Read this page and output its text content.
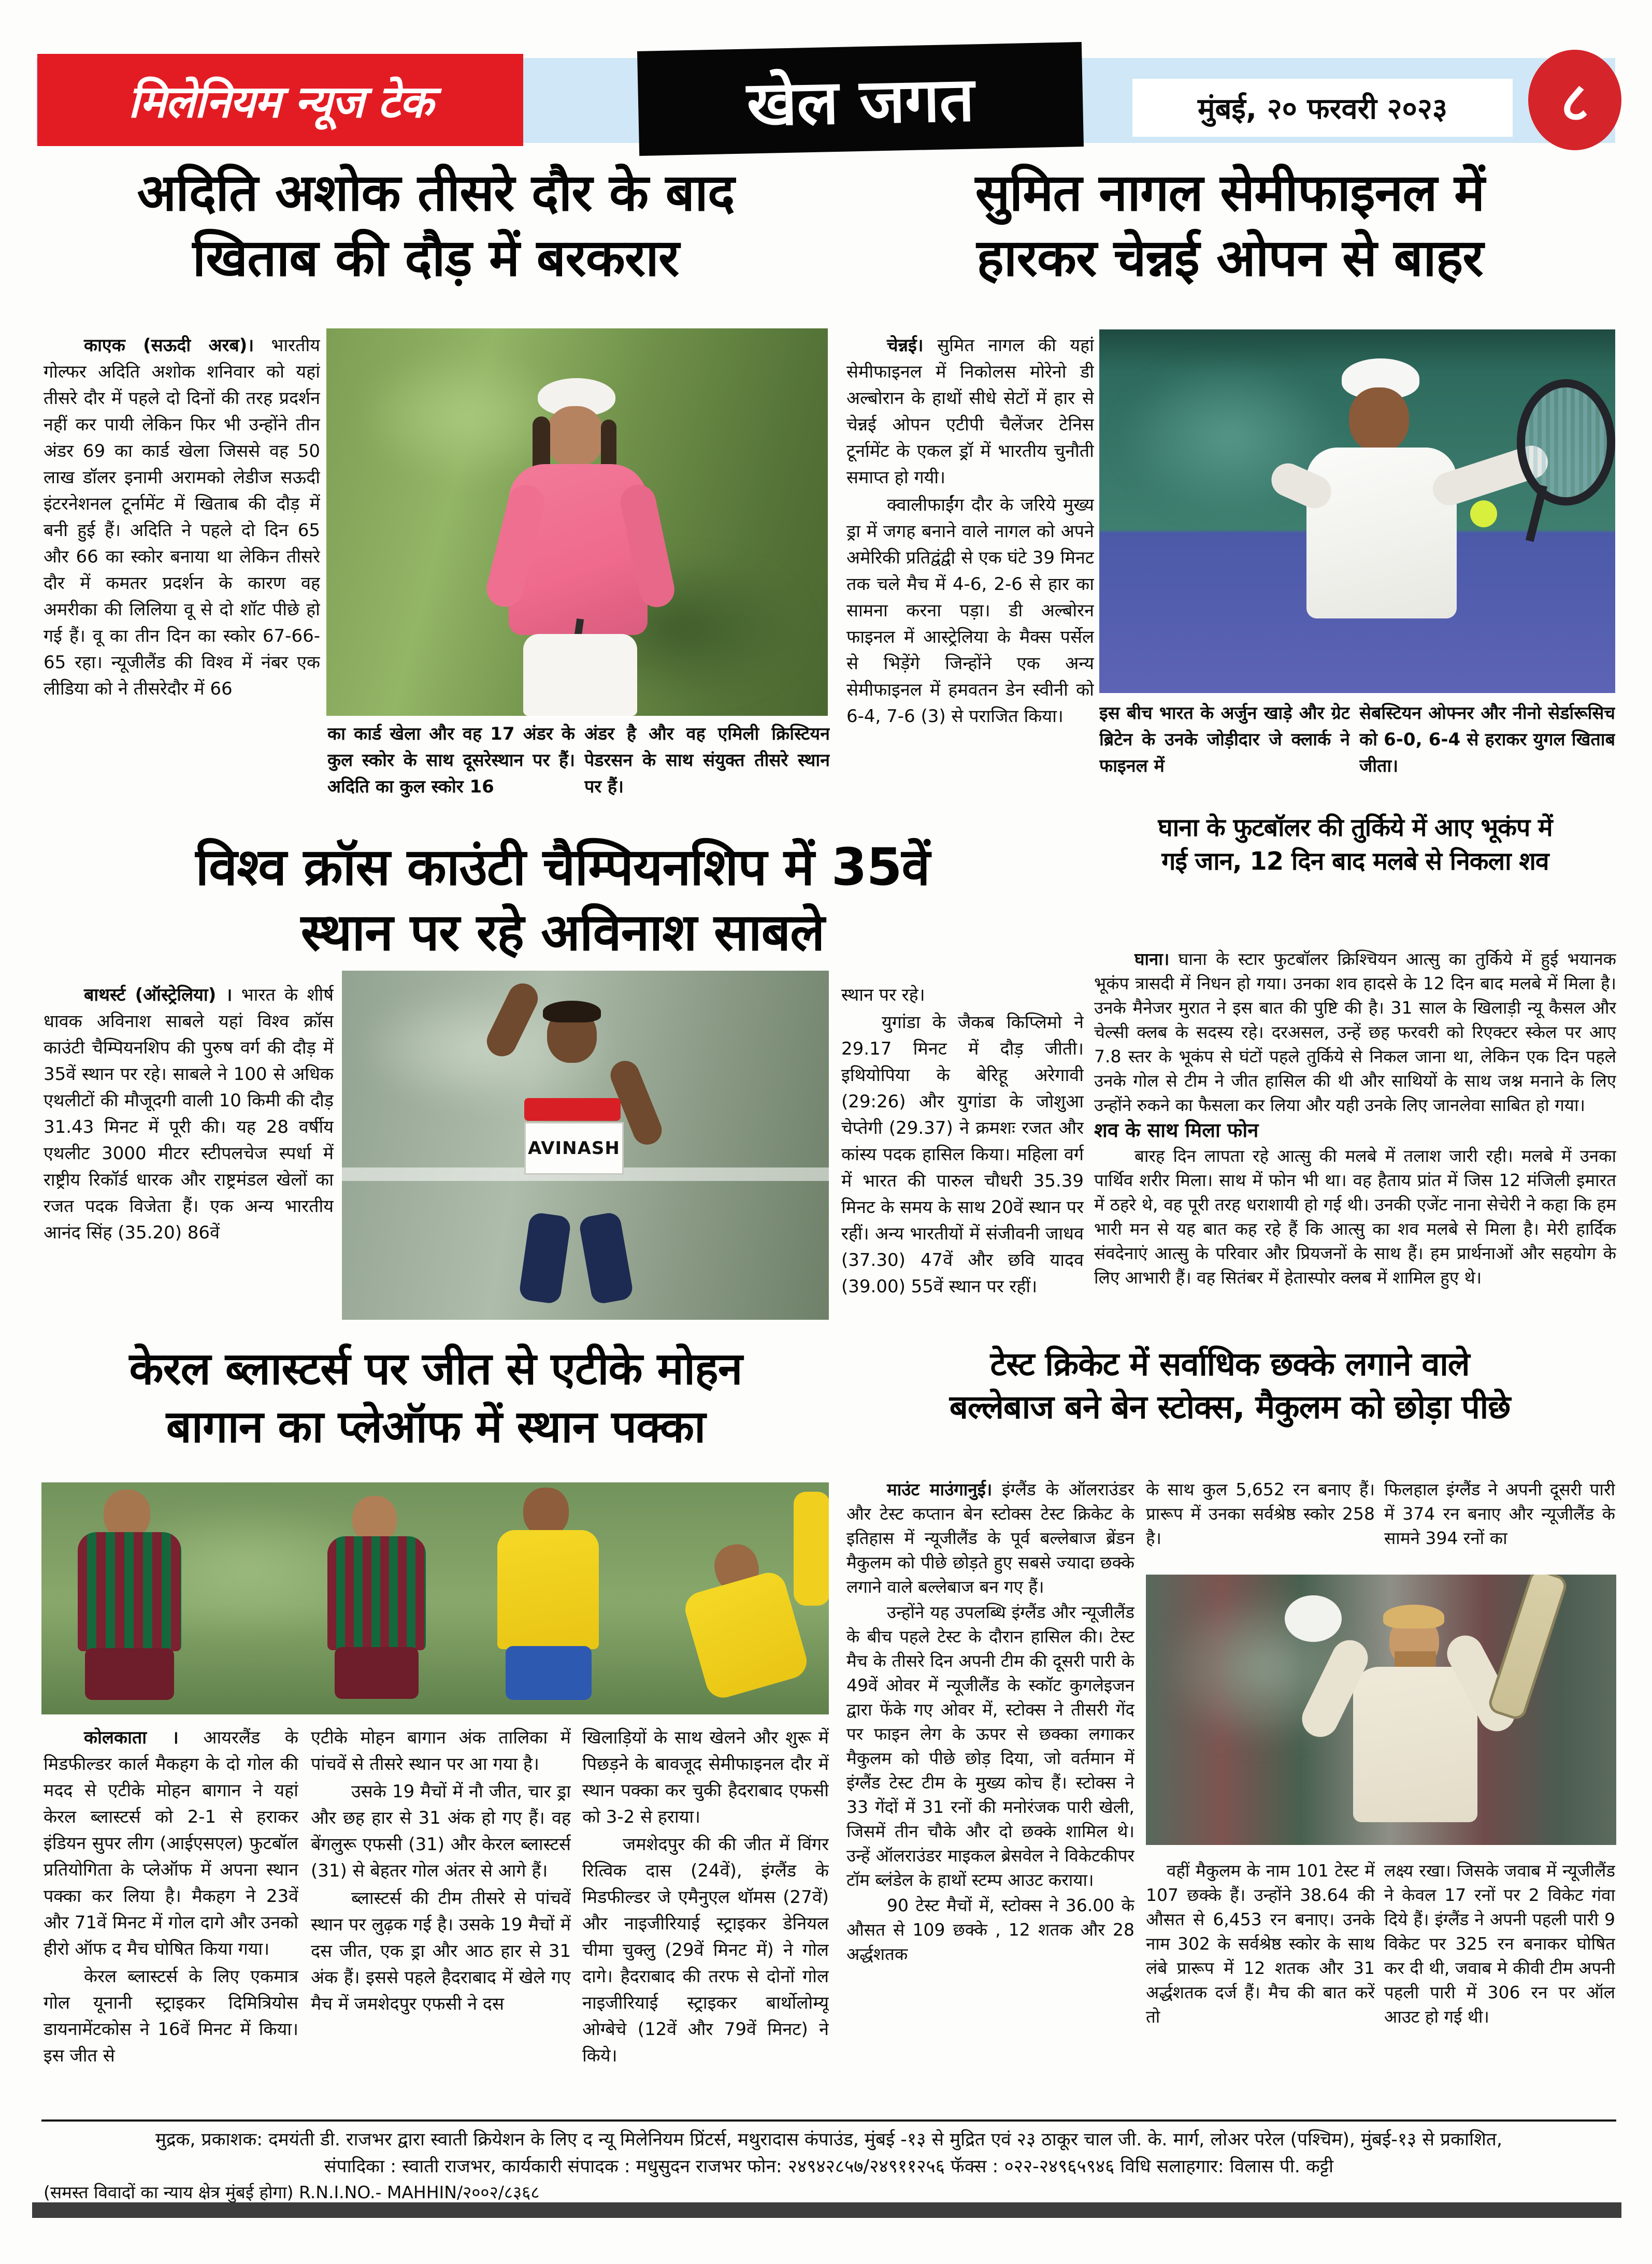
मिलेनियम न्यूज टेक	खेल जगत	मुंबई, २० फरवरी २०२३ ८
अदिति अशोक तीसरे दौर के बाद
खिताब की दौड़ में बरकरार

काएक (सऊदी अरब)। भारतीय गोल्फर अदिति अशोक शनिवार को यहां तीसरे दौर में पहले दो दिनों की तरह प्रदर्शन नहीं कर पायी लेकिन फिर भी उन्होंने तीन अंडर 69 का कार्ड खेला जिससे वह 50 लाख डॉलर इनामी अरामको लेडीज सऊदी इंटरनेशनल टूर्नामेंट में खिताब की दौड़ में बनी हुई हैं। अदिति ने पहले दो दिन 65 और 66 का स्कोर बनाया था लेकिन तीसरे दौर में कमतर प्रदर्शन के कारण वह अमरीका की लिलिया वू से दो शॉट पीछे हो गई हैं। वू का तीन दिन का स्कोर 67-66-65 रहा। न्यूजीलैंड की विश्व में नंबर एक लीडिया को ने तीसरेदौर में 66

का कार्ड खेला और वह 17 अंडर के कुल स्कोर के साथ दूसरेस्थान पर हैं। अदिति का कुल स्कोर 16

अंडर है और वह एमिली क्रिस्टियन पेडरसन के साथ संयुक्त तीसरे स्थान पर हैं।

सुमित नागल सेमीफाइनल में
हारकर चेन्नई ओपन से बाहर

चेन्नई। सुमित नागल की यहां सेमीफाइनल में निकोलस मोरेनो डी अल्बोरान के हाथों सीधे सेटों में हार से चेन्नई ओपन एटीपी चैलेंजर टेनिस टूर्नामेंट के एकल ड्रॉ में भारतीय चुनौती समाप्त हो गयी।

क्वालीफाईंग दौर के जरिये मुख्य ड्रा में जगह बनाने वाले नागल को अपने अमेरिकी प्रतिद्वंद्वी से एक घंटे 39 मिनट तक चले मैच में 4-6, 2-6 से हार का सामना करना पड़ा। डी अल्बोरन फाइनल में आस्ट्रेलिया के मैक्स पर्सेल से भिड़ेंगे जिन्होंने एक अन्य सेमीफाइनल में हमवतन डेन स्वीनी को 6-4, 7-6 (3) से पराजित किया।	इस बीच भारत के अर्जुन खाड़े और ग्रेट ब्रिटेन के उनके जोड़ीदार जे क्लार्क ने फाइनल में

सेबस्टियन ओफ्नर और नीनो सेर्डारूसिच को 6-0, 6-4 से हराकर युगल खिताब जीता।

विश्व क्रॉस काउंटी चैम्पियनशिप में 35वें
स्थान पर रहे अविनाश साबले

बाथर्स्ट (ऑस्ट्रेलिया) । भारत के शीर्ष धावक अविनाश साबले यहां विश्व क्रॉस काउंटी चैम्पियनशिप की पुरुष वर्ग की दौड़ में 35वें स्थान पर रहे। साबले ने 100 से अधिक एथलीटों की मौजूदगी वाली 10 किमी की दौड़ 31.43 मिनट में पूरी की। यह 28 वर्षीय एथलीट 3000 मीटर स्टीपलचेज स्पर्धा में राष्ट्रीय रिकॉर्ड धारक और राष्ट्रमंडल खेलों का रजत पदक विजेता हैं। एक अन्य भारतीय आनंद सिंह (35.20) 86वें

AVINASH

स्थान पर रहे।

युगांडा के जैकब किप्लिमो ने 29.17 मिनट में दौड़ जीती। इथियोपिया के बेरिहू अरेगावी (29:26) और युगांडा के जोशुआ चेप्तेगी (29.37) ने क्रमशः रजत और कांस्य पदक हासिल किया। महिला वर्ग में भारत की पारुल चौधरी 35.39 मिनट के समय के साथ 20वें स्थान पर रहीं। अन्य भारतीयों में संजीवनी जाधव (37.30) 47वें और छवि यादव (39.00) 55वें स्थान पर रहीं।

घाना के फुटबॉलर की तुर्किये में आए भूकंप में
गई जान, 12 दिन बाद मलबे से निकला शव

घाना। घाना के स्टार फुटबॉलर क्रिश्चियन आत्सु का तुर्किये में हुई भयानक भूकंप त्रासदी में निधन हो गया। उनका शव हादसे के 12 दिन बाद मलबे में मिला है। उनके मैनेजर मुरात ने इस बात की पुष्टि की है। 31 साल के खिलाड़ी न्यू कैसल और चेल्सी क्लब के सदस्य रहे। दरअसल, उन्हें छह फरवरी को रिएक्टर स्केल पर आए 7.8 स्तर के भूकंप से घंटों पहले तुर्किये से निकल जाना था, लेकिन एक दिन पहले उनके गोल से टीम ने जीत हासिल की थी और साथियों के साथ जश्न मनाने के लिए उन्होंने रुकने का फैसला कर लिया और यही उनके लिए जानलेवा साबित हो गया।

शव के साथ मिला फोन

बारह दिन लापता रहे आत्सु की मलबे में तलाश जारी रही। मलबे में उनका पार्थिव शरीर मिला। साथ में फोन भी था। वह हैताय प्रांत में जिस 12 मंजिली इमारत में ठहरे थे, वह पूरी तरह धराशायी हो गई थी। उनकी एजेंट नाना सेचेरी ने कहा कि हम भारी मन से यह बात कह रहे हैं कि आत्सु का शव मलबे से मिला है। मेरी हार्दिक संवदेनाएं आत्सु के परिवार और प्रियजनों के साथ हैं। हम प्रार्थनाओं और सहयोग के लिए आभारी हैं। वह सितंबर में हेतास्पोर क्लब में शामिल हुए थे।

केरल ब्लास्टर्स पर जीत से एटीके मोहन
बागान का प्लेऑफ में स्थान पक्का

कोलकाता । आयरलैंड के मिडफील्डर कार्ल मैकहग के दो गोल की मदद से एटीके मोहन बागान ने यहां केरल ब्लास्टर्स को 2-1 से हराकर इंडियन सुपर लीग (आईएसएल) फुटबॉल प्रतियोगिता के प्लेऑफ में अपना स्थान पक्का कर लिया है। मैकहग ने 23वें और 71वें मिनट में गोल दागे और उनको हीरो ऑफ द मैच घोषित किया गया।

केरल ब्लास्टर्स के लिए एकमात्र गोल यूनानी स्ट्राइकर दिमित्रियोस डायनामेंटकोस ने 16वें मिनट में किया। इस जीत से

एटीके मोहन बागान अंक तालिका में पांचवें से तीसरे स्थान पर आ गया है।

उसके 19 मैचों में नौ जीत, चार ड्रा और छह हार से 31 अंक हो गए हैं। वह बेंगलुरू एफसी (31) और केरल ब्लास्टर्स (31) से बेहतर गोल अंतर से आगे हैं।

ब्लास्टर्स की टीम तीसरे से पांचवें स्थान पर लुढ़क गई है। उसके 19 मैचों में दस जीत, एक ड्रा और आठ हार से 31 अंक हैं। इससे पहले हैदराबाद में खेले गए मैच में जमशेदपुर एफसी ने दस

खिलाड़ियों के साथ खेलने और शुरू में पिछड़ने के बावजूद सेमीफाइनल दौर में स्थान पक्का कर चुकी हैदराबाद एफसी को 3-2 से हराया।

जमशेदपुर की की जीत में विंगर रित्विक दास (24वें), इंग्लैंड के मिडफील्डर जे एमैनुएल थॉमस (27वें) और नाइजीरियाई स्ट्राइकर डेनियल चीमा चुक्लु (29वें मिनट में) ने गोल दागे। हैदराबाद की तरफ से दोनों गोल नाइजीरियाई स्ट्राइकर बार्थोलोम्यू ओग्बेचे (12वें और 79वें मिनट) ने किये।

टेस्ट क्रिकेट में सर्वाधिक छक्के लगाने वाले
बल्लेबाज बने बेन स्टोक्स, मैकुलम को छोड़ा पीछे

माउंट माउंगानुई। इंग्लैंड के ऑलराउंडर और टेस्ट कप्तान बेन स्टोक्स टेस्ट क्रिकेट के इतिहास में न्यूजीलैंड के पूर्व बल्लेबाज ब्रेंडन मैकुलम को पीछे छोड़ते हुए सबसे ज्यादा छक्के लगाने वाले बल्लेबाज बन गए हैं।

उन्होंने यह उपलब्धि इंग्लैंड और न्यूजीलैंड के बीच पहले टेस्ट के दौरान हासिल की। टेस्ट मैच के तीसरे दिन अपनी टीम की दूसरी पारी के 49वें ओवर में न्यूजीलैंड के स्कॉट कुगलेइजन द्वारा फेंके गए ओवर में, स्टोक्स ने तीसरी गेंद पर फाइन लेग के ऊपर से छक्का लगाकर मैकुलम को पीछे छोड़ दिया, जो वर्तमान में इंग्लैंड टेस्ट टीम के मुख्य कोच हैं। स्टोक्स ने 33 गेंदों में 31 रनों की मनोरंजक पारी खेली, जिसमें तीन चौके और दो छक्के शामिल थे। उन्हें ऑलराउंडर माइकल ब्रेसवेल ने विकेटकीपर टॉम ब्लंडेल के हाथों स्टम्प आउट कराया।

90 टेस्ट मैचों में, स्टोक्स ने 36.00 के औसत से 109 छक्के , 12 शतक और 28 अर्द्धशतक

के साथ कुल 5,652 रन बनाए हैं। प्रारूप में उनका सर्वश्रेष्ठ स्कोर 258 है।

फिलहाल इंग्लैंड ने अपनी दूसरी पारी में 374 रन बनाए और न्यूजीलैंड के सामने 394 रनों का

वहीं मैकुलम के नाम 101 टेस्ट में 107 छक्के हैं। उन्होंने 38.64 की औसत से 6,453 रन बनाए। उनके नाम 302 के सर्वश्रेष्ठ स्कोर के साथ लंबे प्रारूप में 12 शतक और 31 अर्द्धशतक दर्ज हैं। मैच की बात करें तो

लक्ष्य रखा। जिसके जवाब में न्यूजीलैंड ने केवल 17 रनों पर 2 विकेट गंवा दिये हैं। इंग्लैंड ने अपनी पहली पारी 9 विकेट पर 325 रन बनाकर घोषित कर दी थी, जवाब मे कीवी टीम अपनी पहली पारी में 306 रन पर ऑल आउट हो गई थी।

मुद्रक, प्रकाशक: दमयंती डी. राजभर द्वारा स्वाती क्रियेशन के लिए द न्यू मिलेनियम प्रिंटर्स, मथुरादास कंपाउंड, मुंबई -१३ से मुद्रित एवं २३ ठाकूर चाल जी. के. मार्ग, लोअर परेल (पश्चिम), मुंबई-१३ से प्रकाशित,
संपादिका : स्वाती राजभर, कार्यकारी संपादक : मधुसुदन राजभर फोन: २४९४२८५७/२४९११२५६ फॅक्स : ०२२-२४९६५९४६ विधि सलाहगार: विलास पी. कट्टी
(समस्त विवादों का न्याय क्षेत्र मुंबई होगा) R.N.I.NO.- MAHHIN/२००२/८३६८
